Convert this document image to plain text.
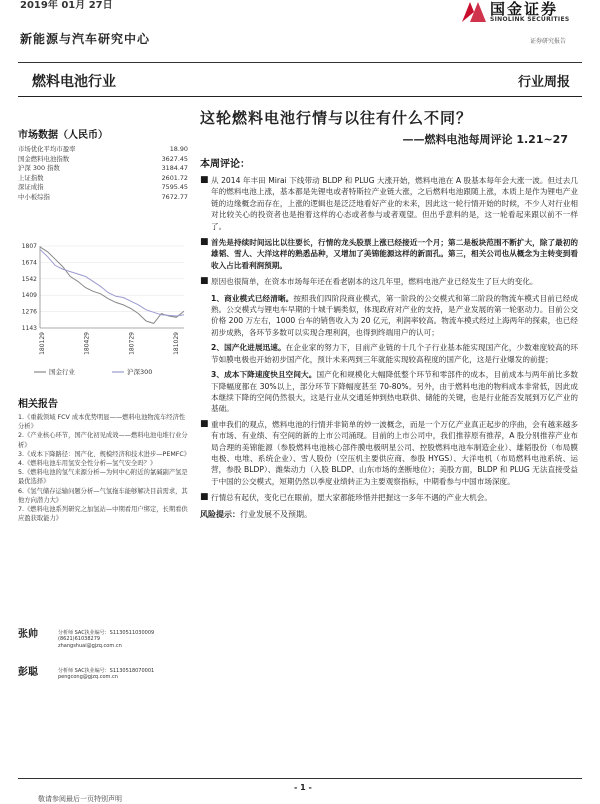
2019年 01月 27日
新能源与汽车研究中心
燃料电池行业	行业周报
国金证券
SINOLINK SECURITIES
证券研究报告
这轮燃料电池行情与以往有什么不同？
——燃料电池每周评论 1.21~27
市场数据（人民币）
市场优化平均市盈率	18.90
国金燃料电池指数	3627.45
沪深 300 指数	3184.47
上证指数	2601.72
深证成指	7595.45
中小板综指	7672.77
1807
1674
1542
1409
1276
1143
180129	180429	180729	181029
国金行业	沪深300
相关报告

1.《重载领域 FCV 成本优势明显——燃料电池物流车经济性分析》

2.《产业核心环节，国产化初见成效——燃料电池电堆行业分析》

3.《成本下降路径：国产化、规模经济和技术进步—PEMFC》

4.《燃料电池车用氢安全性分析—氢气安全吗？》

5.《燃料电池的氢气来源分析—为何中心附近的氯碱副产氢是最优选择》

6.《氢气储存运输问题分析—气氢拖车能够解决目前需求，其他方向潜力大》

7.《燃料电池系列研究之加氢站—中期看用户绑定，长期看供应盈获取能力》

张帅	分析师 SAC执业编号：S1130511030009
(8621)61038279
zhangshuai@gjzq.com.cn
彭聪	分析师 SAC执业编号：S1130518070001
pengcong@gjzq.com.cn
本周评论：

■ 从 2014 年丰田 Mirai 下线带动 BLDP 和 PLUG 大涨开始，燃料电池在 A 股基本每年会大涨一波。但过去几年的燃料电池上涨，基本都是先锂电或者特斯拉产业链大涨，之后燃料电池跟随上涨，本质上是作为锂电产业链的边缘概念而存在，上涨的逻辑也是泛泛地看好产业的未来，因此这一轮行情开始的时候，不少人对行业相对比较关心的投资者也是抱着这样的心态或者参与或者观望。但出乎意料的是，这一轮看起来跟以前不一样了。

■ 首先是持续时间远比以往要长，行情的龙头股票上涨已经接近一个月；第二是板块范围不断扩大，除了最初的雄韬、雪人、大洋这样的熟悉品种，又增加了美锦能源这样的新面孔。第三，相关公司也从概念为主转变到看收入占比看利润预期。

■ 原因也很简单，在资本市场每年还在看老剧本的这几年里，燃料电池产业已经发生了巨大的变化。

1、商业模式已经清晰。按照我们四阶段商业模式，第一阶段的公交模式和第二阶段的物流车模式目前已经成熟。公交模式与锂电车早期的十城千辆类似，体现政府对产业的支持，是产业发展的第一轮驱动力。目前公交价格 200 万左右，1000 台车的销售收入为 20 亿元，利润率较高。物流车模式经过上海两年的探索，也已经初步成熟，各环节多数可以实现合理利润，也得到终端用户的认可；

2、国产化进展迅速。在企业家的努力下，目前产业链的十几个子行业基本能实现国产化，少数难度较高的环节如膜电极也开始初步国产化，预计未来两到三年就能实现较高程度的国产化，这是行业爆发的前提；

3、成本下降速度快且空间大。国产化和规模化大幅降低整个环节和零部件的成本，目前成本与两年前比多数下降幅度都在 30%以上，部分环节下降幅度甚至 70-80%。另外，由于燃料电池的物料成本非常低，因此成本继续下降的空间仍然很大，这是行业从交通延伸到热电联供、储能的关键，也是行业能否发展到万亿产业的基础。

■ 重申我们的观点，燃料电池的行情并非简单的炒一波概念，而是一个万亿产业真正起步的序曲，会有越来越多有市场、有业绩、有空间的新的上市公司涌现。目前的上市公司中，我们推荐原有推荐，A 股分别推荐产业布局合理的美锦能源（参股燃料电池核心部件膜电极明星公司、控股燃料电池车制造企业）、雄韬股份（布局膜电极、电堆、系统企业）、雪人股份（空压机主要供应商、参股 HYGS）、大洋电机（布局燃料电池系统、运营，参股 BLDP）、潍柴动力（入股 BLDP、山东市场的垄断地位）；美股方面，BLDP 和 PLUG 无法直接受益于中国的公交模式，短期仍然以季度业绩转正为主要观察指标，中期看参与中国市场深度。

■ 行情总有起伏，变化已在眼前，愿大家都能珍惜并把握这一多年不遇的产业大机会。

风险提示：行业发展不及预期。
- 1 -
敬请参阅最后一页特别声明
